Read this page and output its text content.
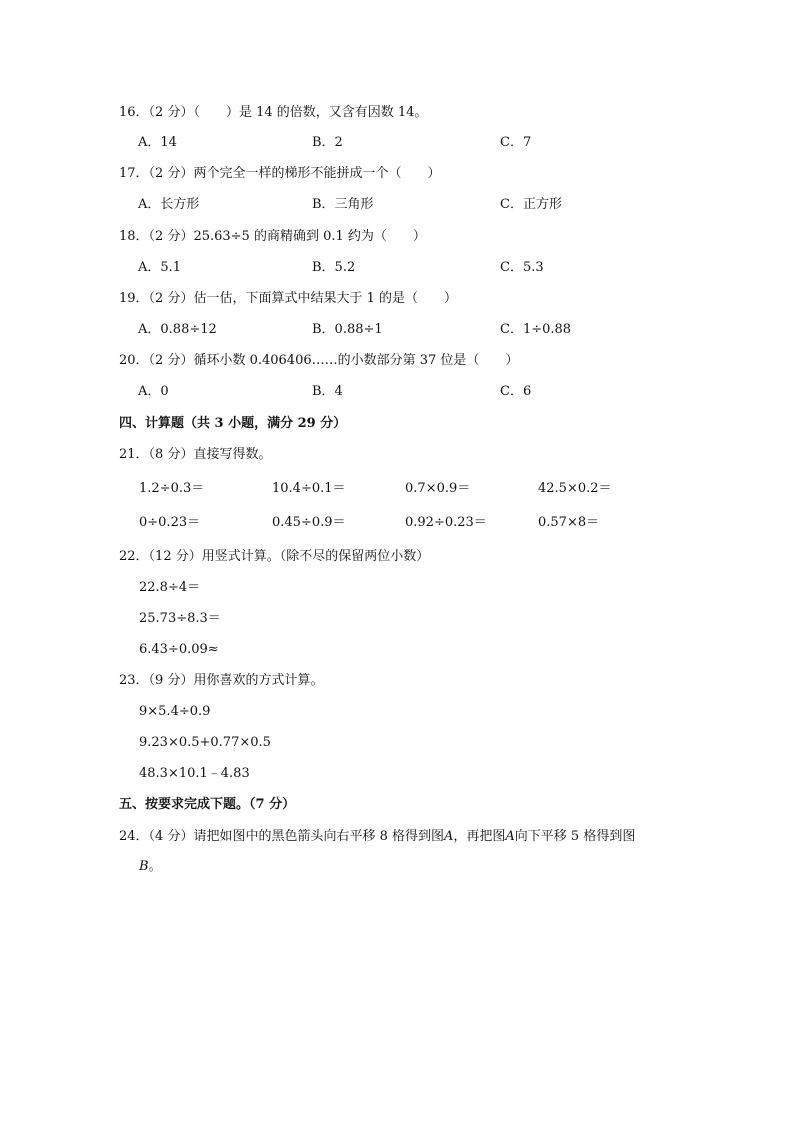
16．（2 分）（　　）是 14 的倍数，又含有因数 14。
A．14	B．2	C．7
17．（2 分）两个完全一样的梯形不能拼成一个（　　）
A．长方形	B．三角形	C．正方形
18．（2 分）25.63÷5 的商精确到 0.1 约为（　　）
A．5.1	B．5.2	C．5.3
19．（2 分）估一估，下面算式中结果大于 1 的是（　　）
A．0.88÷12	B．0.88÷1	C．1÷0.88
20．（2 分）循环小数 0.406406……的小数部分第 37 位是（　　）
A．0	B．4	C．6
四、计算题（共 3 小题，满分 29 分）
21．（8 分）直接写得数。
1.2÷0.3＝	10.4÷0.1＝	0.7×0.9＝	42.5×0.2＝
0÷0.23＝	0.45÷0.9＝	0.92÷0.23＝	0.57×8＝
22．（12 分）用竖式计算。（除不尽的保留两位小数）
22.8÷4＝
25.73÷8.3＝
6.43÷0.09≈
23．（9 分）用你喜欢的方式计算。
9×5.4÷0.9
9.23×0.5+0.77×0.5
48.3×10.1﹣4.83
五、按要求完成下题。（7 分）
24．（4 分）请把如图中的黑色箭头向右平移 8 格得到图A，再把图A向下平移 5 格得到图
B。
